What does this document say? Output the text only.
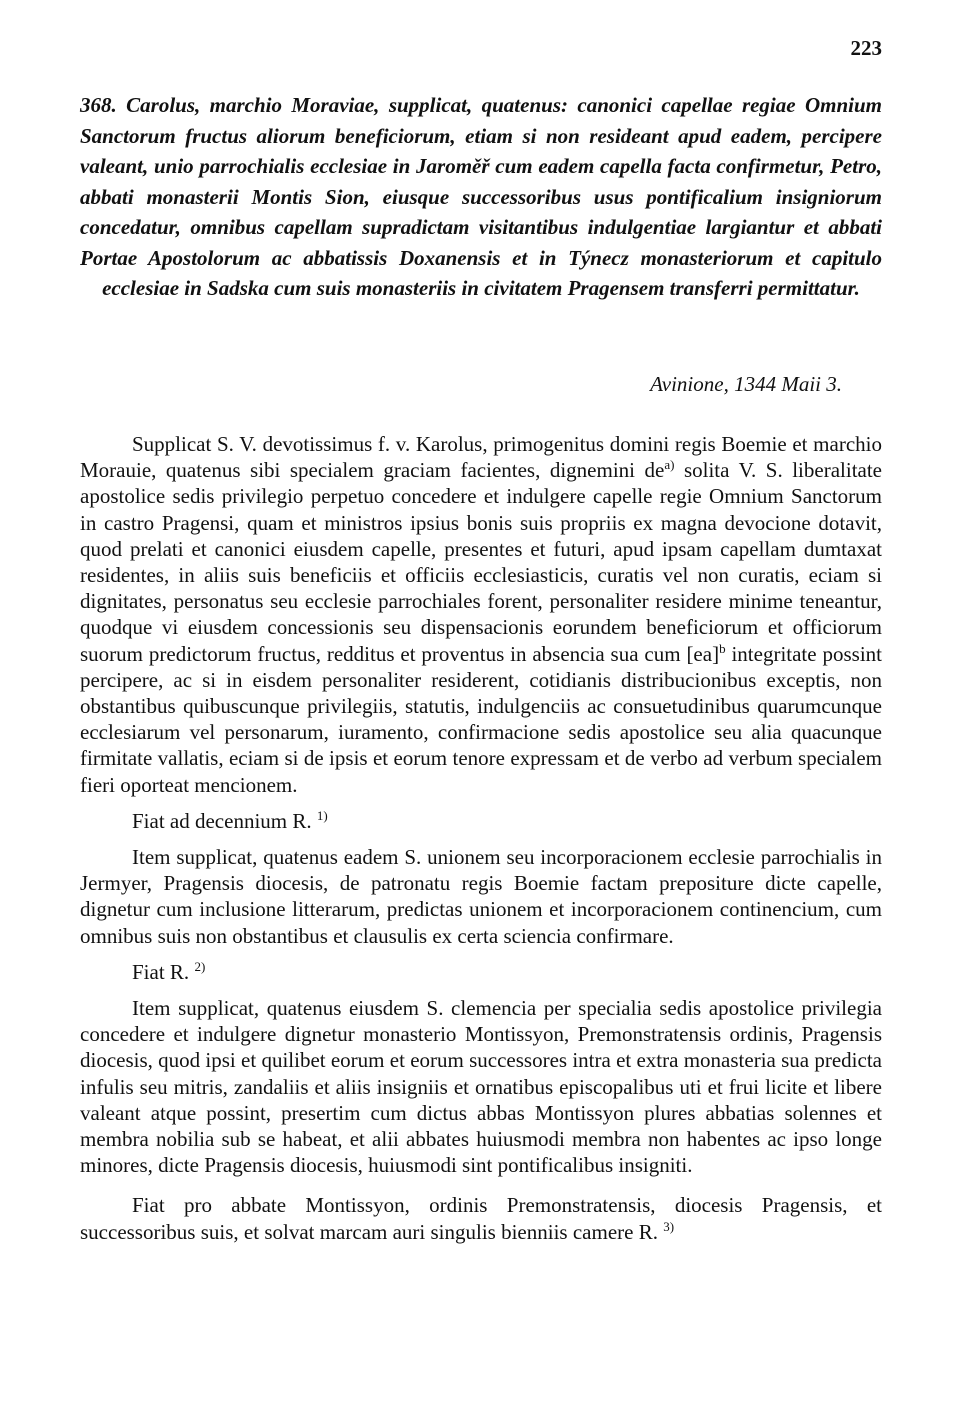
223
368. Carolus, marchio Moraviae, supplicat, quatenus: canonici capellae regiae Omnium Sanctorum fructus aliorum beneficiorum, etiam si non resideant apud eadem, percipere valeant, unio parrochialis ecclesiae in Jaroměř cum eadem capella facta confirmetur, Petro, abbati monasterii Montis Sion, eiusque successoribus usus pontificalium insigniorum concedatur, omnibus capellam supradictam visitantibus indulgentiae largiantur et abbati Portae Apostolorum ac abbatissis Doxanensis et in Týnecz monasteriorum et capitulo ecclesiae in Sadska cum suis monasteriis in civitatem Pragensem transferri permittatur.
Avinione, 1344 Maii 3.

Supplicat S. V. devotissimus f. v. Karolus, primogenitus domini regis Boemie et marchio Morauie, quatenus sibi specialem graciam facientes, dignemini $de^{a)}$ solita V. S. liberalitate apostolice sedis privilegio perpetuo concedere et indulgere capelle regie Omnium Sanctorum in castro Pragensi, quam et ministros ipsius bonis suis propriis ex magna devocione dotavit, quod prelati et canonici eiusdem capelle, presentes et futuri, apud ipsam capellam dumtaxat residentes, in aliis suis beneficiis et officiis ecclesiasticis, curatis vel non curatis, eciam si dignitates, personatus seu ecclesie parrochiales forent, personaliter residere minime teneantur, quodque vi eiusdem concessionis seu dispensacionis eorundem beneficiorum et officiorum suorum predictorum fructus, redditus et proventus in absencia sua cum [ea]$^b$ integritate possint percipere, ac si in eisdem personaliter residerent, cotidianis distribucionibus exceptis, non obstantibus quibuscunque privilegiis, statutis, indulgenciis ac consuetudinibus quarumcunque ecclesiarum vel personarum, iuramento, confirmacione sedis apostolice seu alia quacunque firmitate vallatis, eciam si de ipsis et eorum tenore expressam et de verbo ad verbum specialem fieri oporteat mencionem.

Fiat ad decennium R. $^{1)}$

Item supplicat, quatenus eadem S. unionem seu incorporacionem ecclesie parrochialis in Jermyer, Pragensis diocesis, de patronatu regis Boemie factam prepositure dicte capelle, dignetur cum inclusione litterarum, predictas unionem et incorporacionem continencium, cum omnibus suis non obstantibus et clausulis ex certa sciencia confirmare.

Fiat R. $^{2)}$

Item supplicat, quatenus eiusdem S. clemencia per specialia sedis apostolice privilegia concedere et indulgere dignetur monasterio Montissyon, Premonstratensis ordinis, Pragensis diocesis, quod ipsi et quilibet eorum et eorum successores intra et extra monasteria sua predicta infulis seu mitris, zandaliis et aliis insigniis et ornatibus episcopalibus uti et frui licite et libere valeant atque possint, presertim cum dictus abbas Montissyon plures abbatias solennes et membra nobilia sub se habeat, et alii abbates huiusmodi membra non habentes ac ipso longe minores, dicte Pragensis diocesis, huiusmodi sint pontificalibus insigniti.

Fiat pro abbate Montissyon, ordinis Premonstratensis, diocesis Pragensis, et successoribus suis, et solvat marcam auri singulis bienniis camere R. $^{3)}$
